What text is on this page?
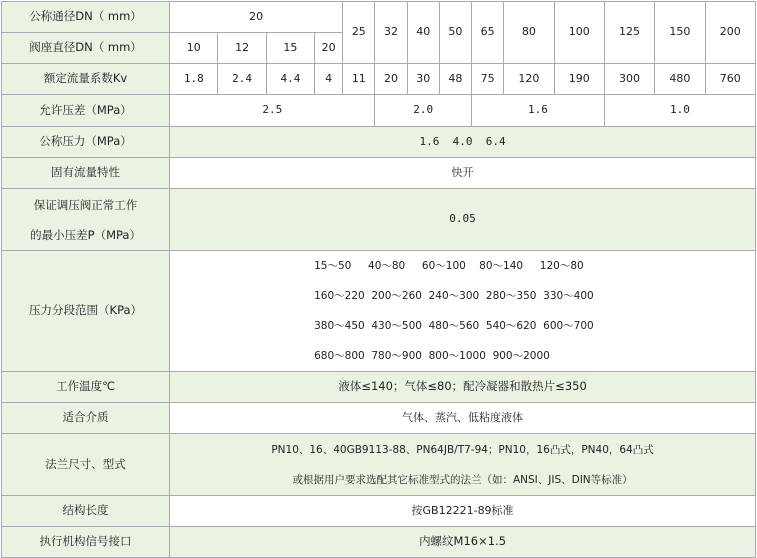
公称通径DN（ mm）	20				25	32	40	50	65	80	100	125	150	200
阀座直径DN（ mm）	10	12	15	20										
额定流量系数Kv	1.8	2.4	4.4	4	11	20	30	48	75	120	190	300	480	760
允许压差（MPa）	2.5					2.0			1.6			1.0		
公称压力（MPa）	1.6  4.0  6.4													
固有流量特性	快开													

保证调压阀正常工作
的最小压差P（MPa）	0.05													
压力分段范围（KPa）	15～50     40～80     60～100    80～140     120～80
160～220  200～260  240～300  280～350  330～400
380～450  430～500  480～560  540～620  600～700
680～800  780～900  800～1000  900～2000													

工作温度℃	液体≤140；气体≤80；配冷凝器和散热片≤350													
适合介质	气体、蒸汽、低粘度液体													
法兰尺寸、型式	PN10、16、40GB9113-88、PN64JB/T7-94；PN10，16凸式，PN40，64凸式
或根据用户要求选配其它标准型式的法兰（如：ANSI、JIS、DIN等标准）													

结构长度	按GB12221-89标准													
执行机构信号接口	内螺纹M16×1.5													
